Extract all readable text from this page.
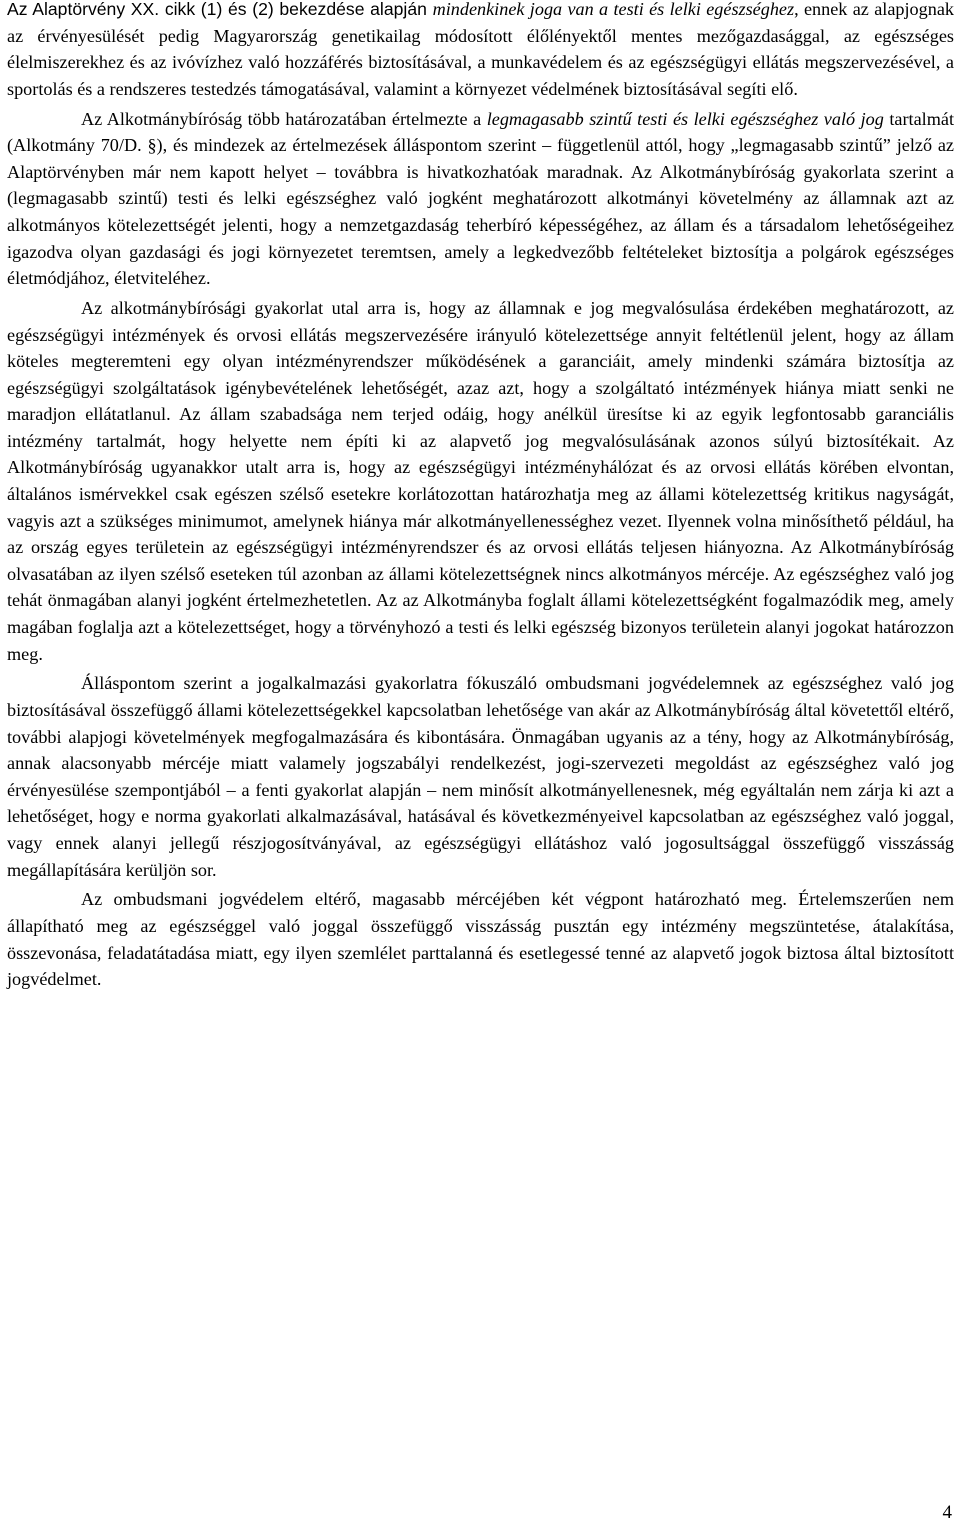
Az Alaptörvény XX. cikk (1) és (2) bekezdése alapján mindenkinek joga van a testi és lelki egészséghez, ennek az alapjognak az érvényesülését pedig Magyarország genetikailag módosított élőlényektől mentes mezőgazdasággal, az egészséges élelmiszerekhez és az ivóvízhez való hozzáférés biztosításával, a munkavédelem és az egészségügyi ellátás megszervezésével, a sportolás és a rendszeres testedzés támogatásával, valamint a környezet védelmének biztosításával segíti elő.

Az Alkotmánybíróság több határozatában értelmezte a legmagasabb szintű testi és lelki egészséghez való jog tartalmát (Alkotmány 70/D. §), és mindezek az értelmezések álláspontom szerint – függetlenül attól, hogy „legmagasabb szintű” jelző az Alaptörvényben már nem kapott helyet – továbbra is hivatkozhatóak maradnak. Az Alkotmánybíróság gyakorlata szerint a (legmagasabb szintű) testi és lelki egészséghez való jogként meghatározott alkotmányi követelmény az államnak azt az alkotmányos kötelezettségét jelenti, hogy a nemzetgazdaság teherbíró képességéhez, az állam és a társadalom lehetőségeihez igazodva olyan gazdasági és jogi környezetet teremtsen, amely a legkedvezőbb feltételeket biztosítja a polgárok egészséges életmódjához, életviteléhez.

Az alkotmánybírósági gyakorlat utal arra is, hogy az államnak e jog megvalósulása érdekében meghatározott, az egészségügyi intézmények és orvosi ellátás megszervezésére irányuló kötelezettsége annyit feltétlenül jelent, hogy az állam köteles megteremteni egy olyan intézményrendszer működésének a garanciáit, amely mindenki számára biztosítja az egészségügyi szolgáltatások igénybevételének lehetőségét, azaz azt, hogy a szolgáltató intézmények hiánya miatt senki ne maradjon ellátatlanul. Az állam szabadsága nem terjed odáig, hogy anélkül üresítse ki az egyik legfontosabb garanciális intézmény tartalmát, hogy helyette nem építi ki az alapvető jog megvalósulásának azonos súlyú biztosítékait. Az Alkotmánybíróság ugyanakkor utalt arra is, hogy az egészségügyi intézményhálózat és az orvosi ellátás körében elvontan, általános ismérvekkel csak egészen szélső esetekre korlátozottan határozhatja meg az állami kötelezettség kritikus nagyságát, vagyis azt a szükséges minimumot, amelynek hiánya már alkotmányellenességhez vezet. Ilyennek volna minősíthető például, ha az ország egyes területein az egészségügyi intézményrendszer és az orvosi ellátás teljesen hiányozna. Az Alkotmánybíróság olvasatában az ilyen szélső eseteken túl azonban az állami kötelezettségnek nincs alkotmányos mércéje. Az egészséghez való jog tehát önmagában alanyi jogként értelmezhetetlen. Az az Alkotmányba foglalt állami kötelezettségként fogalmazódik meg, amely magában foglalja azt a kötelezettséget, hogy a törvényhozó a testi és lelki egészség bizonyos területein alanyi jogokat határozzon meg.

Álláspontom szerint a jogalkalmazási gyakorlatra fókuszáló ombudsmani jogvédelemnek az egészséghez való jog biztosításával összefüggő állami kötelezettségekkel kapcsolatban lehetősége van akár az Alkotmánybíróság által követettől eltérő, további alapjogi követelmények megfogalmazására és kibontására. Önmagában ugyanis az a tény, hogy az Alkotmánybíróság, annak alacsonyabb mércéje miatt valamely jogszabályi rendelkezést, jogi-szervezeti megoldást az egészséghez való jog érvényesülése szempontjából – a fenti gyakorlat alapján – nem minősít alkotmányellenesnek, még egyáltalán nem zárja ki azt a lehetőséget, hogy e norma gyakorlati alkalmazásával, hatásával és következményeivel kapcsolatban az egészséghez való joggal, vagy ennek alanyi jellegű részjogosítványával, az egészségügyi ellátáshoz való jogosultsággal összefüggő visszásság megállapítására kerüljön sor.

Az ombudsmani jogvédelem eltérő, magasabb mércéjében két végpont határozható meg. Értelemszerűen nem állapítható meg az egészséggel való joggal összefüggő visszásság pusztán egy intézmény megszüntetése, átalakítása, összevonása, feladatátadása miatt, egy ilyen szemlélet parttalanná és esetlegessé tenné az alapvető jogok biztosa által biztosított jogvédelmet.

4
